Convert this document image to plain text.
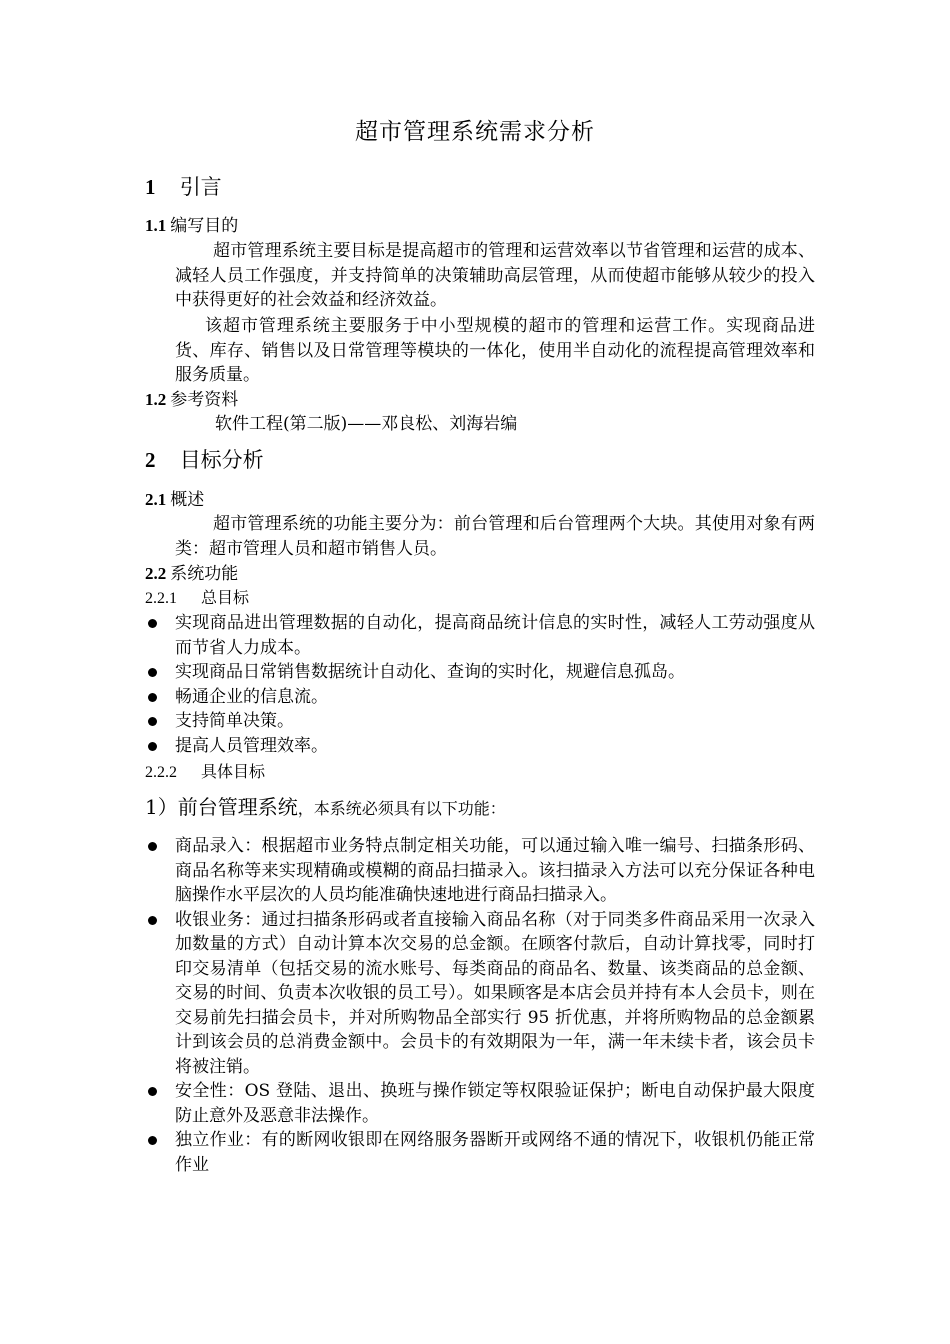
超市管理系统需求分析
1 引言
1.1 编写目的

超市管理系统主要目标是提高超市的管理和运营效率以节省管理和运营的成本、减轻人员工作强度，并支持简单的决策辅助高层管理，从而使超市能够从较少的投入中获得更好的社会效益和经济效益。

该超市管理系统主要服务于中小型规模的超市的管理和运营工作。实现商品进货、库存、销售以及日常管理等模块的一体化，使用半自动化的流程提高管理效率和服务质量。

1.2 参考资料
软件工程(第二版)——邓良松、刘海岩编
2 目标分析
2.1 概述

超市管理系统的功能主要分为：前台管理和后台管理两个大块。其使用对象有两类：超市管理人员和超市销售人员。

2.2 系统功能
2.2.1 总目标
实现商品进出管理数据的自动化，提高商品统计信息的实时性，减轻人工劳动强度从而节省人力成本。
实现商品日常销售数据统计自动化、查询的实时化，规避信息孤岛。
畅通企业的信息流。
支持简单决策。
提高人员管理效率。
2.2.2 具体目标
1）前台管理系统，本系统必须具有以下功能：
商品录入：根据超市业务特点制定相关功能，可以通过输入唯一编号、扫描条形码、商品名称等来实现精确或模糊的商品扫描录入。该扫描录入方法可以充分保证各种电脑操作水平层次的人员均能准确快速地进行商品扫描录入。
收银业务：通过扫描条形码或者直接输入商品名称（对于同类多件商品采用一次录入加数量的方式）自动计算本次交易的总金额。在顾客付款后，自动计算找零，同时打印交易清单（包括交易的流水账号、每类商品的商品名、数量、该类商品的总金额、交易的时间、负责本次收银的员工号）。如果顾客是本店会员并持有本人会员卡，则在交易前先扫描会员卡，并对所购物品全部实行 95 折优惠，并将所购物品的总金额累计到该会员的总消费金额中。会员卡的有效期限为一年，满一年未续卡者，该会员卡将被注销。
安全性：OS 登陆、退出、换班与操作锁定等权限验证保护；断电自动保护最大限度防止意外及恶意非法操作。
独立作业：有的断网收银即在网络服务器断开或网络不通的情况下，收银机仍能正常作业
